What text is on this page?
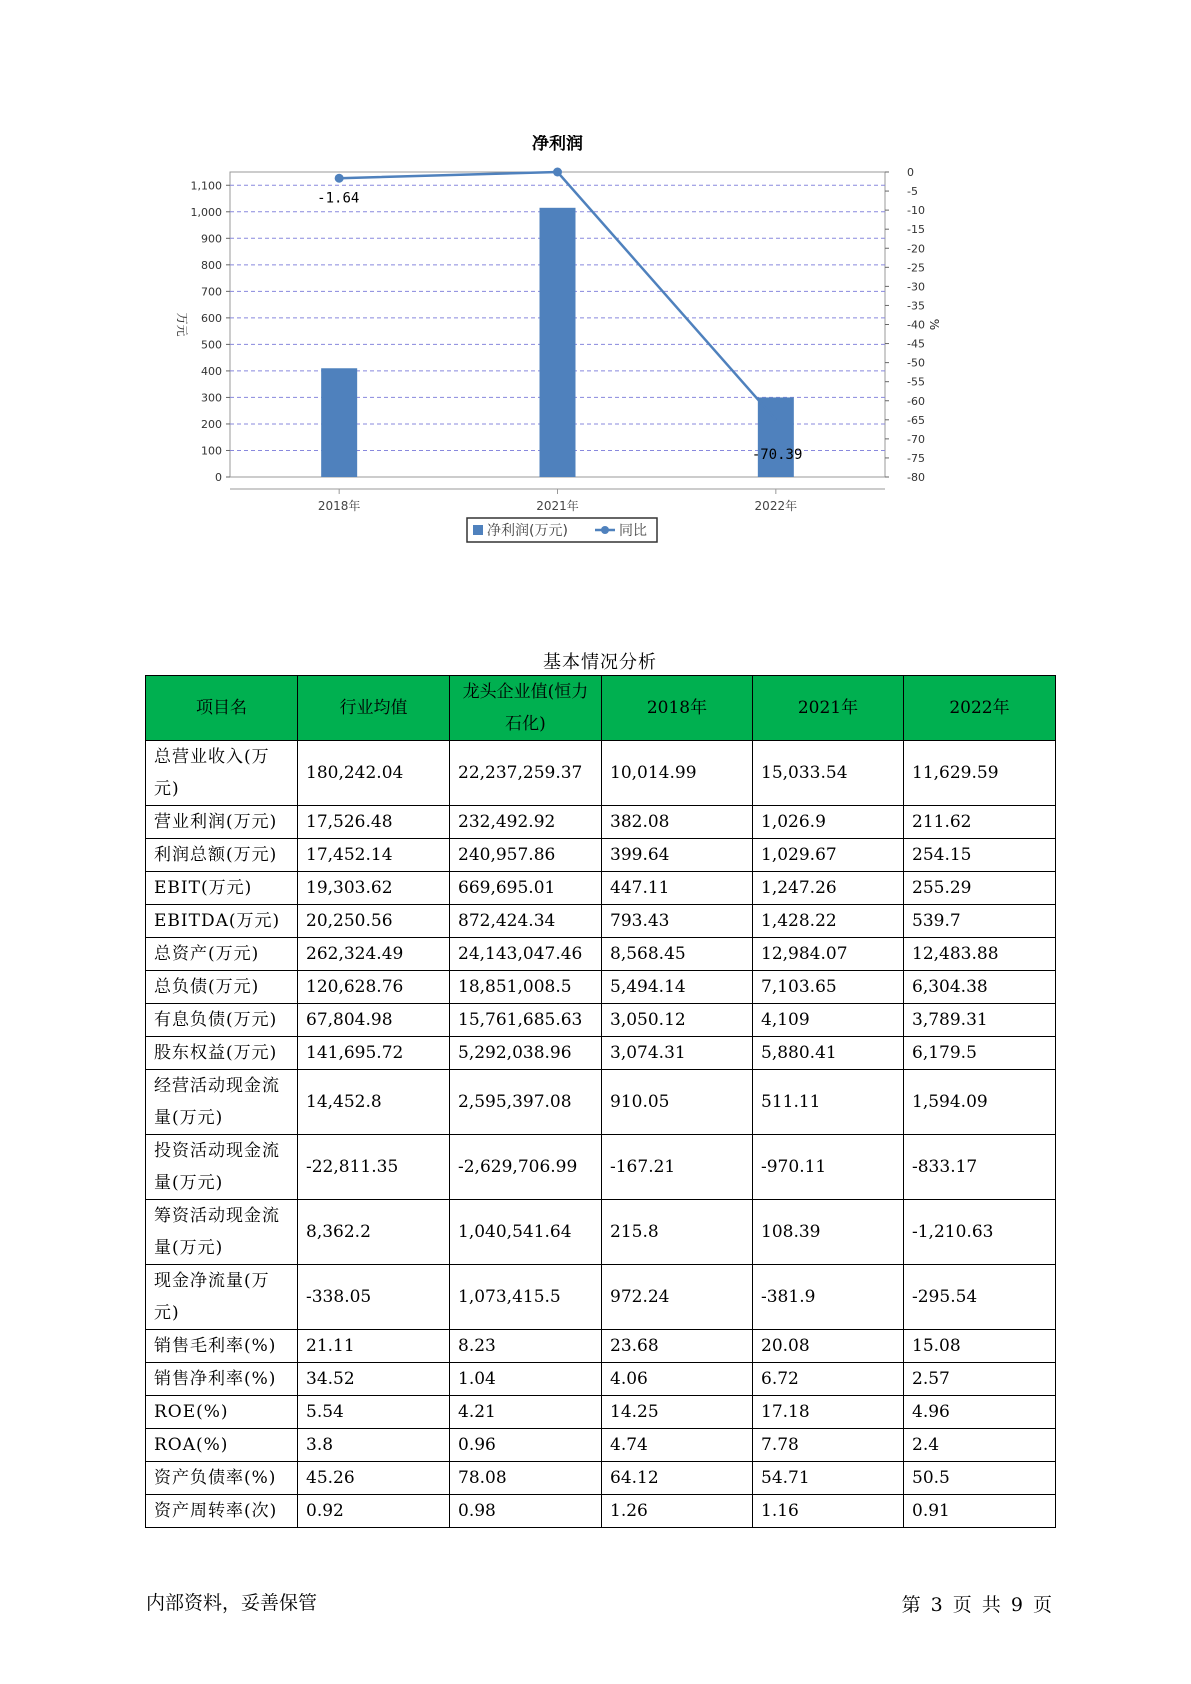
净利润
0
100
200
300
400
500
600
700
800
900
1,000
1,100
0
-5
-10
-15
-20
-25
-30
-35
-40
-45
-50
-55
-60
-65
-70
-75
-80
万元	%
2018年	2021年	2022年
-1.64
-70.39
净利润(万元)	同比
基本情况分析
项目名	行业均值	龙头企业值(恒力石化)	2018年	2021年	2022年
总营业收入(万元)	180,242.04	22,237,259.37	10,014.99	15,033.54	11,629.59
营业利润(万元)	17,526.48	232,492.92	382.08	1,026.9	211.62
利润总额(万元)	17,452.14	240,957.86	399.64	1,029.67	254.15
EBIT(万元)	19,303.62	669,695.01	447.11	1,247.26	255.29
EBITDA(万元)	20,250.56	872,424.34	793.43	1,428.22	539.7
总资产(万元)	262,324.49	24,143,047.46	8,568.45	12,984.07	12,483.88
总负债(万元)	120,628.76	18,851,008.5	5,494.14	7,103.65	6,304.38
有息负债(万元)	67,804.98	15,761,685.63	3,050.12	4,109	3,789.31
股东权益(万元)	141,695.72	5,292,038.96	3,074.31	5,880.41	6,179.5
经营活动现金流量(万元)	14,452.8	2,595,397.08	910.05	511.11	1,594.09
投资活动现金流量(万元)	-22,811.35	-2,629,706.99	-167.21	-970.11	-833.17
筹资活动现金流量(万元)	8,362.2	1,040,541.64	215.8	108.39	-1,210.63
现金净流量(万元)	-338.05	1,073,415.5	972.24	-381.9	-295.54
销售毛利率(%)	21.11	8.23	23.68	20.08	15.08
销售净利率(%)	34.52	1.04	4.06	6.72	2.57
ROE(%)	5.54	4.21	14.25	17.18	4.96
ROA(%)	3.8	0.96	4.74	7.78	2.4
资产负债率(%)	45.26	78.08	64.12	54.71	50.5
资产周转率(次)	0.92	0.98	1.26	1.16	0.91
内部资料，妥善保管	第 3 页 共 9 页
